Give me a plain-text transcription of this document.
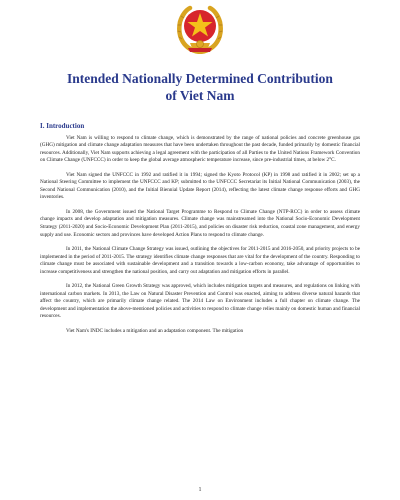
Intended Nationally Determined Contribution
of Viet Nam
I. Introduction

Viet Nam is willing to respond to climate change, which is demonstrated by the range of national policies and concrete greenhouse gas (GHG) mitigation and climate change adaptation measures that have been undertaken throughout the past decade, funded primarily by domestic financial resources. Additionally, Viet Nam supports achieving a legal agreement with the participation of all Parties to the United Nations Framework Convention on Climate Change (UNFCCC) in order to keep the global average atmospheric temperature increase, since pre-industrial times, at below 2°C.

Viet Nam signed the UNFCCC in 1992 and ratified it in 1994; signed the Kyoto Protocol (KP) in 1998 and ratified it in 2002; set up a National Steering Committee to implement the UNFCCC and KP; submitted to the UNFCCC Secretariat its Initial National Communication (2003), the Second National Communication (2010), and the Initial Biennial Update Report (2014), reflecting the latest climate change response efforts and GHG inventories.

In 2008, the Government issued the National Target Programme to Respond to Climate Change (NTP-RCC) in order to assess climate change impacts and develop adaptation and mitigation measures. Climate change was mainstreamed into the National Socio-Economic Development Strategy (2011-2020) and Socio-Economic Development Plan (2011-2015), and policies on disaster risk reduction, coastal zone management, and energy supply and use. Economic sectors and provinces have developed Action Plans to respond to climate change.

In 2011, the National Climate Change Strategy was issued, outlining the objectives for 2011-2015 and 2016-2050, and priority projects to be implemented in the period of 2011-2015. The strategy identifies climate change responses that are vital for the development of the country. Responding to climate change must be associated with sustainable development and a transition towards a low-carbon economy, take advantage of opportunities to increase competitiveness and strengthen the national position, and carry out adaptation and mitigation efforts in parallel.

In 2012, the National Green Growth Strategy was approved, which includes mitigation targets and measures, and regulations on linking with international carbon markets. In 2013, the Law on Natural Disaster Prevention and Control was enacted, aiming to address diverse natural hazards that affect the country, which are primarily climate change related. The 2014 Law on Environment includes a full chapter on climate change. The development and implementation the above-mentioned policies and activities to respond to climate change relies mainly on domestic human and financial resources.

Viet Nam's INDC includes a mitigation and an adaptation component. The mitigation

1
